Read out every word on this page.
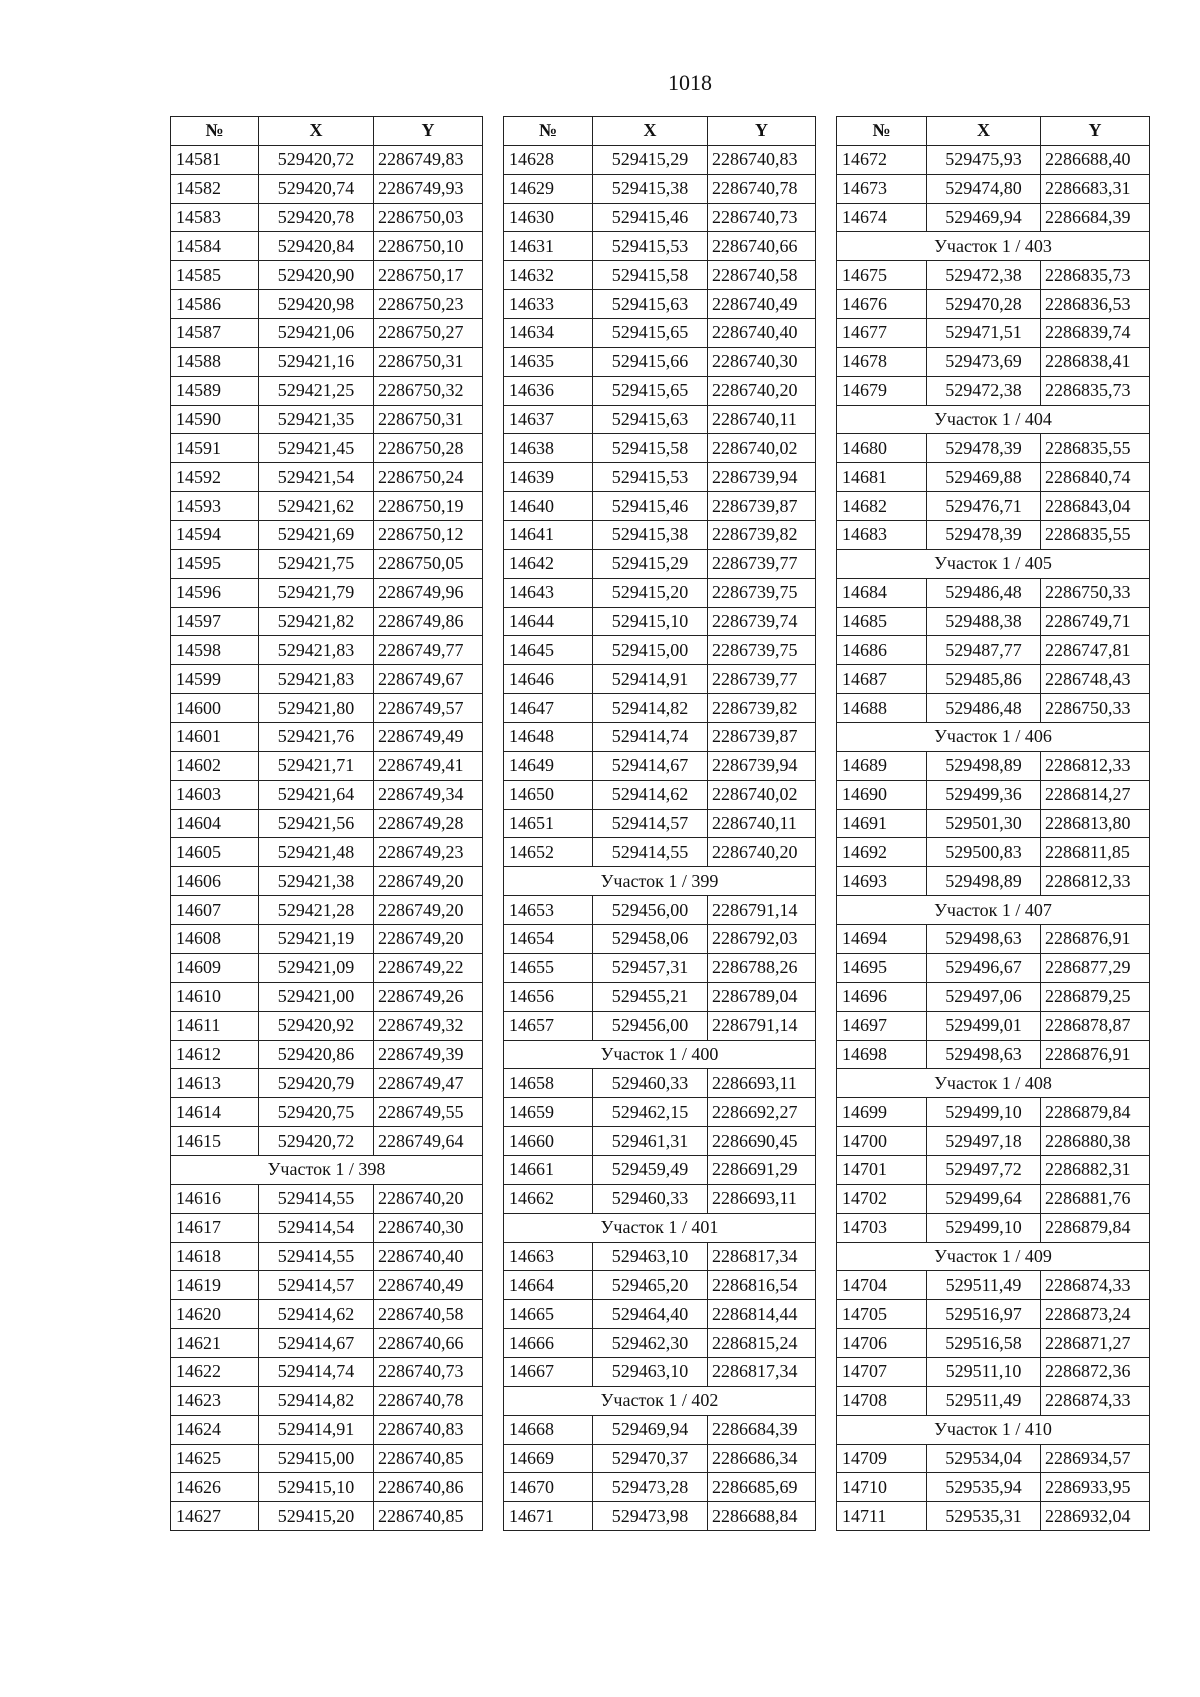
1018
№	X	Y
14581	529420,72	2286749,83
14582	529420,74	2286749,93
14583	529420,78	2286750,03
14584	529420,84	2286750,10
14585	529420,90	2286750,17
14586	529420,98	2286750,23
14587	529421,06	2286750,27
14588	529421,16	2286750,31
14589	529421,25	2286750,32
14590	529421,35	2286750,31
14591	529421,45	2286750,28
14592	529421,54	2286750,24
14593	529421,62	2286750,19
14594	529421,69	2286750,12
14595	529421,75	2286750,05
14596	529421,79	2286749,96
14597	529421,82	2286749,86
14598	529421,83	2286749,77
14599	529421,83	2286749,67
14600	529421,80	2286749,57
14601	529421,76	2286749,49
14602	529421,71	2286749,41
14603	529421,64	2286749,34
14604	529421,56	2286749,28
14605	529421,48	2286749,23
14606	529421,38	2286749,20
14607	529421,28	2286749,20
14608	529421,19	2286749,20
14609	529421,09	2286749,22
14610	529421,00	2286749,26
14611	529420,92	2286749,32
14612	529420,86	2286749,39
14613	529420,79	2286749,47
14614	529420,75	2286749,55
14615	529420,72	2286749,64
Участок 1 / 398		
14616	529414,55	2286740,20
14617	529414,54	2286740,30
14618	529414,55	2286740,40
14619	529414,57	2286740,49
14620	529414,62	2286740,58
14621	529414,67	2286740,66
14622	529414,74	2286740,73
14623	529414,82	2286740,78
14624	529414,91	2286740,83
14625	529415,00	2286740,85
14626	529415,10	2286740,86
14627	529415,20	2286740,85
№	X	Y
14628	529415,29	2286740,83
14629	529415,38	2286740,78
14630	529415,46	2286740,73
14631	529415,53	2286740,66
14632	529415,58	2286740,58
14633	529415,63	2286740,49
14634	529415,65	2286740,40
14635	529415,66	2286740,30
14636	529415,65	2286740,20
14637	529415,63	2286740,11
14638	529415,58	2286740,02
14639	529415,53	2286739,94
14640	529415,46	2286739,87
14641	529415,38	2286739,82
14642	529415,29	2286739,77
14643	529415,20	2286739,75
14644	529415,10	2286739,74
14645	529415,00	2286739,75
14646	529414,91	2286739,77
14647	529414,82	2286739,82
14648	529414,74	2286739,87
14649	529414,67	2286739,94
14650	529414,62	2286740,02
14651	529414,57	2286740,11
14652	529414,55	2286740,20
Участок 1 / 399		
14653	529456,00	2286791,14
14654	529458,06	2286792,03
14655	529457,31	2286788,26
14656	529455,21	2286789,04
14657	529456,00	2286791,14
Участок 1 / 400		
14658	529460,33	2286693,11
14659	529462,15	2286692,27
14660	529461,31	2286690,45
14661	529459,49	2286691,29
14662	529460,33	2286693,11
Участок 1 / 401		
14663	529463,10	2286817,34
14664	529465,20	2286816,54
14665	529464,40	2286814,44
14666	529462,30	2286815,24
14667	529463,10	2286817,34
Участок 1 / 402		
14668	529469,94	2286684,39
14669	529470,37	2286686,34
14670	529473,28	2286685,69
14671	529473,98	2286688,84
№	X	Y
14672	529475,93	2286688,40
14673	529474,80	2286683,31
14674	529469,94	2286684,39
Участок 1 / 403		
14675	529472,38	2286835,73
14676	529470,28	2286836,53
14677	529471,51	2286839,74
14678	529473,69	2286838,41
14679	529472,38	2286835,73
Участок 1 / 404		
14680	529478,39	2286835,55
14681	529469,88	2286840,74
14682	529476,71	2286843,04
14683	529478,39	2286835,55
Участок 1 / 405		
14684	529486,48	2286750,33
14685	529488,38	2286749,71
14686	529487,77	2286747,81
14687	529485,86	2286748,43
14688	529486,48	2286750,33
Участок 1 / 406		
14689	529498,89	2286812,33
14690	529499,36	2286814,27
14691	529501,30	2286813,80
14692	529500,83	2286811,85
14693	529498,89	2286812,33
Участок 1 / 407		
14694	529498,63	2286876,91
14695	529496,67	2286877,29
14696	529497,06	2286879,25
14697	529499,01	2286878,87
14698	529498,63	2286876,91
Участок 1 / 408		
14699	529499,10	2286879,84
14700	529497,18	2286880,38
14701	529497,72	2286882,31
14702	529499,64	2286881,76
14703	529499,10	2286879,84
Участок 1 / 409		
14704	529511,49	2286874,33
14705	529516,97	2286873,24
14706	529516,58	2286871,27
14707	529511,10	2286872,36
14708	529511,49	2286874,33
Участок 1 / 410		
14709	529534,04	2286934,57
14710	529535,94	2286933,95
14711	529535,31	2286932,04
